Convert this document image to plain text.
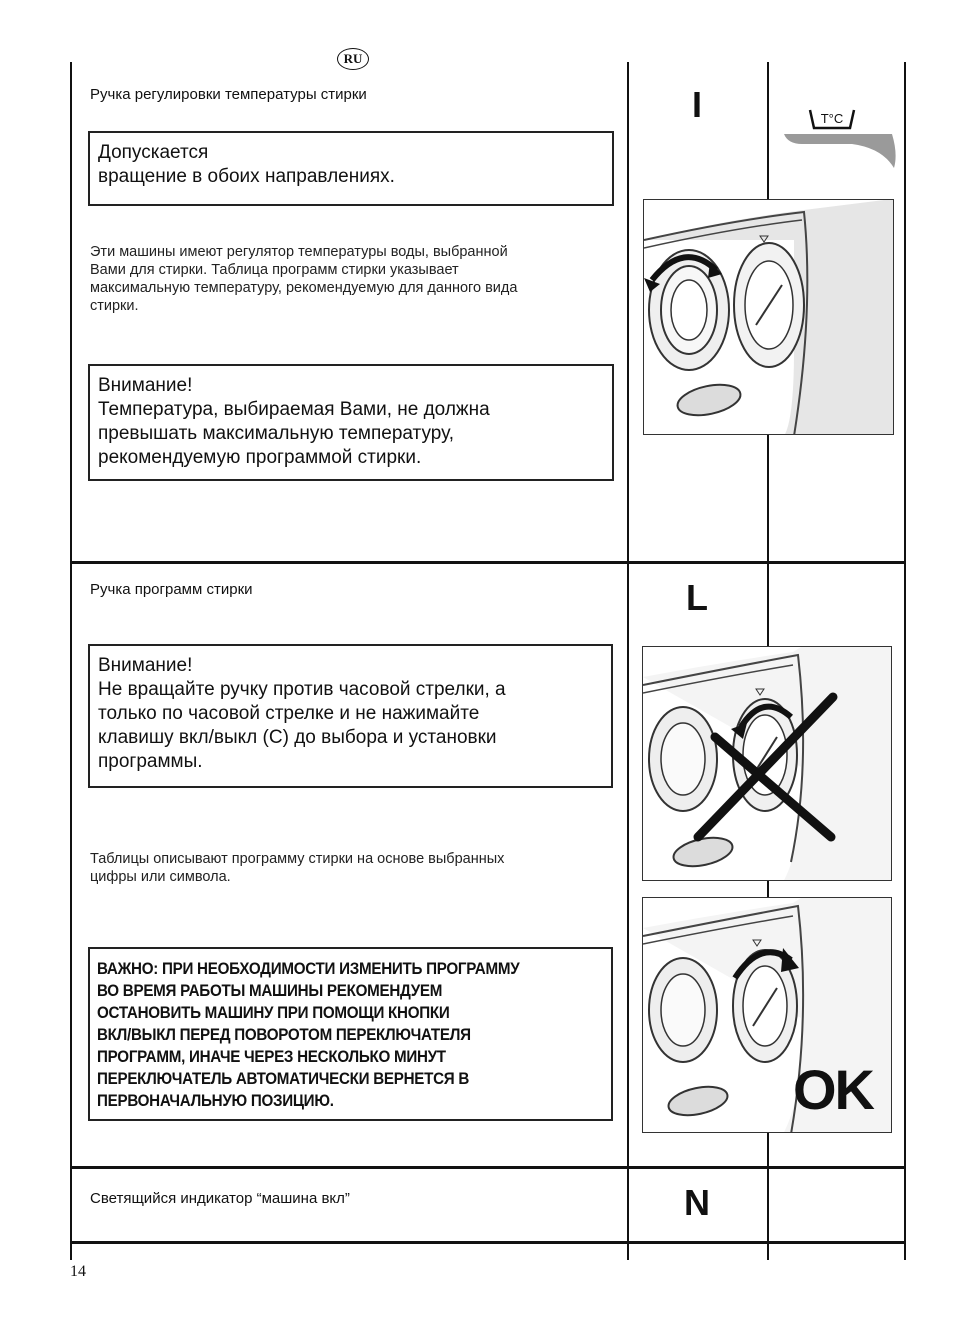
RU
Ручка регулировки температуры стирки	I
Допускается
вращение в обоих направлениях.
Эти машины имеют регулятор температуры воды, выбранной
Вами для стирки. Таблица программ стирки указывает
максимальную температуру, рекомендуемую для данного вида
стирки.
Внимание!
Температура, выбираемая Вами, не должна
превышать максимальную температуру,
рекомендуемую программой стирки.
T°C
Ручка программ стирки	L
Внимание!
Не вращайте ручку против часовой стрелки, а
только по часовой стрелке и не нажимайте
клавишу вкл/выкл (С) до выбора и установки
программы.
Таблицы описывают программу стирки на основе выбранных
цифры или символа.
ВАЖНО: ПРИ НЕОБХОДИМОСТИ ИЗМЕНИТЬ ПРОГРАММУ
ВО ВРЕМЯ РАБОТЫ МАШИНЫ РЕКОМЕНДУЕМ
ОСТАНОВИТЬ МАШИНУ ПРИ ПОМОЩИ КНОПКИ
ВКЛ/ВЫКЛ ПЕРЕД ПОВОРОТОМ ПЕРЕКЛЮЧАТЕЛЯ
ПРОГРАММ, ИНАЧЕ ЧЕРЕЗ НЕСКОЛЬКО МИНУТ
ПЕРЕКЛЮЧАТЕЛЬ АВТОМАТИЧЕСКИ ВЕРНЕТСЯ В
ПЕРВОНАЧАЛЬНУЮ ПОЗИЦИЮ.	OK
Светящийся индикатор “машина вкл”	N
14
